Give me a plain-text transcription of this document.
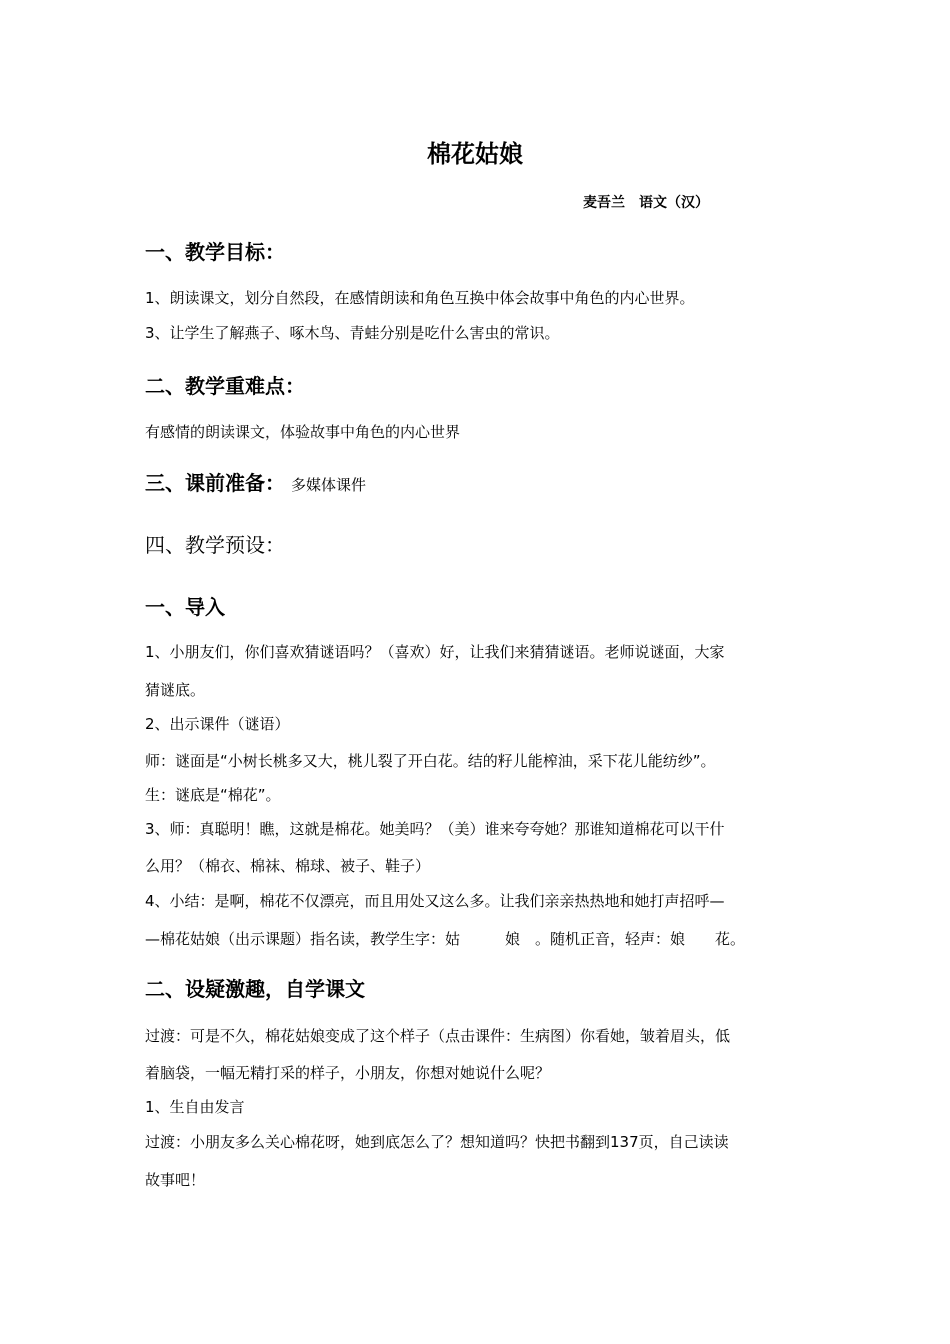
棉花姑娘
麦吾兰　语文（汉）
一、教学目标：
1、朗读课文，划分自然段，在感情朗读和角色互换中体会故事中角色的内心世界。
3、让学生了解燕子、啄木鸟、青蛙分别是吃什么害虫的常识。
二、教学重难点：
有感情的朗读课文，体验故事中角色的内心世界
三、课前准备： 多媒体课件
四、教学预设：
一、导入
1、小朋友们，你们喜欢猜谜语吗？（喜欢）好，让我们来猜猜谜语。老师说谜面，大家
猜谜底。
2、出示课件（谜语）
师：谜面是“小树长桃多又大，桃儿裂了开白花。结的籽儿能榨油，采下花儿能纺纱”。
生：谜底是“棉花”。
3、师：真聪明！瞧，这就是棉花。她美吗？（美）谁来夸夸她？那谁知道棉花可以干什
么用？（棉衣、棉袜、棉球、被子、鞋子）
4、小结：是啊，棉花不仅漂亮，而且用处又这么多。让我们亲亲热热地和她打声招呼—
—棉花姑娘（出示课题）指名读，教学生字：姑　　　娘　。随机正音，轻声：娘　　花。
二、设疑激趣，自学课文
过渡：可是不久，棉花姑娘变成了这个样子（点击课件：生病图）你看她，皱着眉头，低
着脑袋，一幅无精打采的样子，小朋友，你想对她说什么呢？
1、生自由发言
过渡：小朋友多么关心棉花呀，她到底怎么了？想知道吗？快把书翻到137页，自己读读
故事吧！
